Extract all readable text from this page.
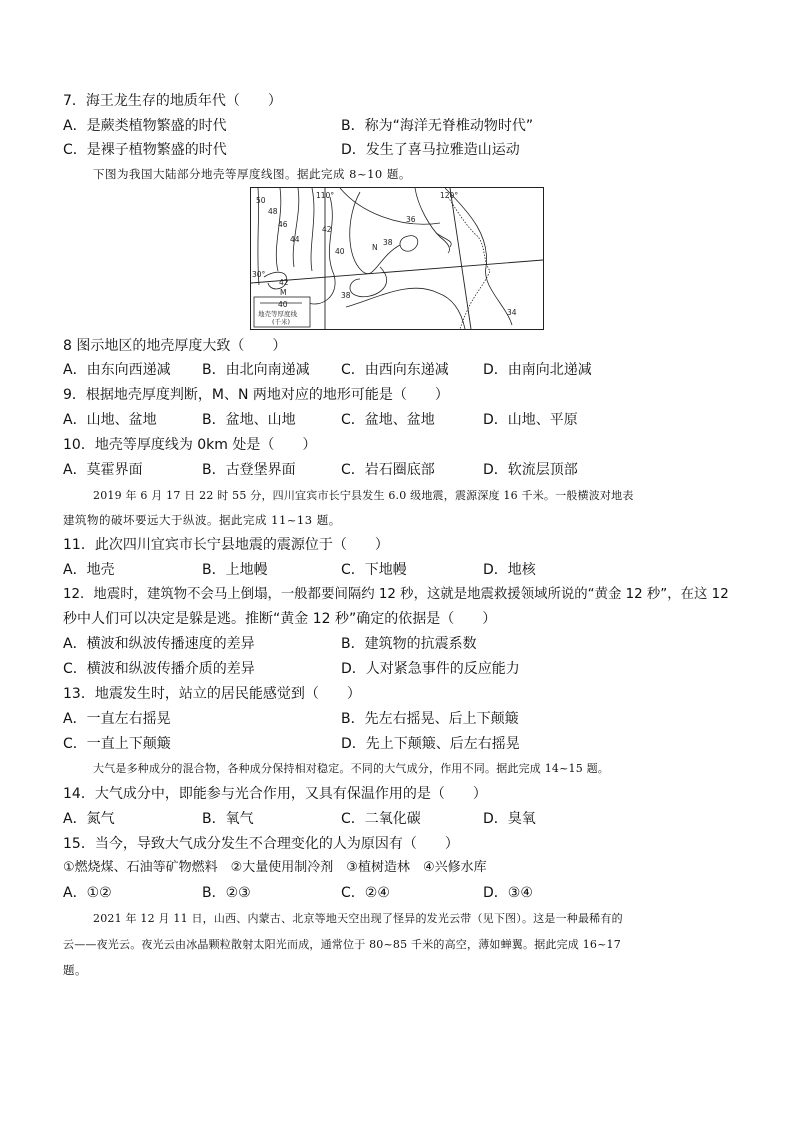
7．海王龙生存的地质年代（　　）
A．是蕨类植物繁盛的时代	B．称为“海洋无脊椎动物时代”
C．是裸子植物繁盛的时代	D．发生了喜马拉雅造山运动
下图为我国大陆部分地壳等厚度线图。据此完成 8~10 题。
50
48
46
44
42
42
40
38
38
36
34
110°	120°
30°
N
M
40
地壳等厚度线
(千米)
8 图示地区的地壳厚度大致（　　）
A．由东向西递减 B．由北向南递减 C．由西向东递减 D．由南向北递减
9．根据地壳厚度判断，M、N 两地对应的地形可能是（　　）
A．山地、盆地	B．盆地、山地	C．盆地、盆地	D．山地、平原
10．地壳等厚度线为 0km 处是（　　）
A．莫霍界面	B．古登堡界面	C．岩石圈底部	D．软流层顶部
2019 年 6 月 17 日 22 时 55 分，四川宜宾市长宁县发生 6.0 级地震，震源深度 16 千米。一般横波对地表
建筑物的破坏要远大于纵波。据此完成 11~13 题。
11．此次四川宜宾市长宁县地震的震源位于（　　）
A．地壳	B．上地幔	C．下地幔	D．地核
12．地震时，建筑物不会马上倒塌，一般都要间隔约 12 秒，这就是地震救援领域所说的“黄金 12 秒”，在这 12
秒中人们可以决定是躲是逃。推断“黄金 12 秒”确定的依据是（　　）
A．横波和纵波传播速度的差异	B．建筑物的抗震系数
C．横波和纵波传播介质的差异	D．人对紧急事件的反应能力
13．地震发生时，站立的居民能感觉到（　　）
A．一直左右摇晃	B．先左右摇晃、后上下颠簸
C．一直上下颠簸	D．先上下颠簸、后左右摇晃
大气是多种成分的混合物，各种成分保持相对稳定。不同的大气成分，作用不同。据此完成 14~15 题。
14．大气成分中，即能参与光合作用，又具有保温作用的是（　　）
A．氮气	B．氧气	C．二氧化碳	D．臭氧
15．当今，导致大气成分发生不合理变化的人为原因有（　　）
①燃烧煤、石油等矿物燃料　②大量使用制冷剂　③植树造林　④兴修水库
A．①②	B．②③	C．②④	D．③④
2021 年 12 月 11 日，山西、内蒙古、北京等地天空出现了怪异的发光云带（见下图）。这是一种最稀有的
云——夜光云。夜光云由冰晶颗粒散射太阳光而成，通常位于 80~85 千米的高空，薄如蝉翼。据此完成 16~17
题。
